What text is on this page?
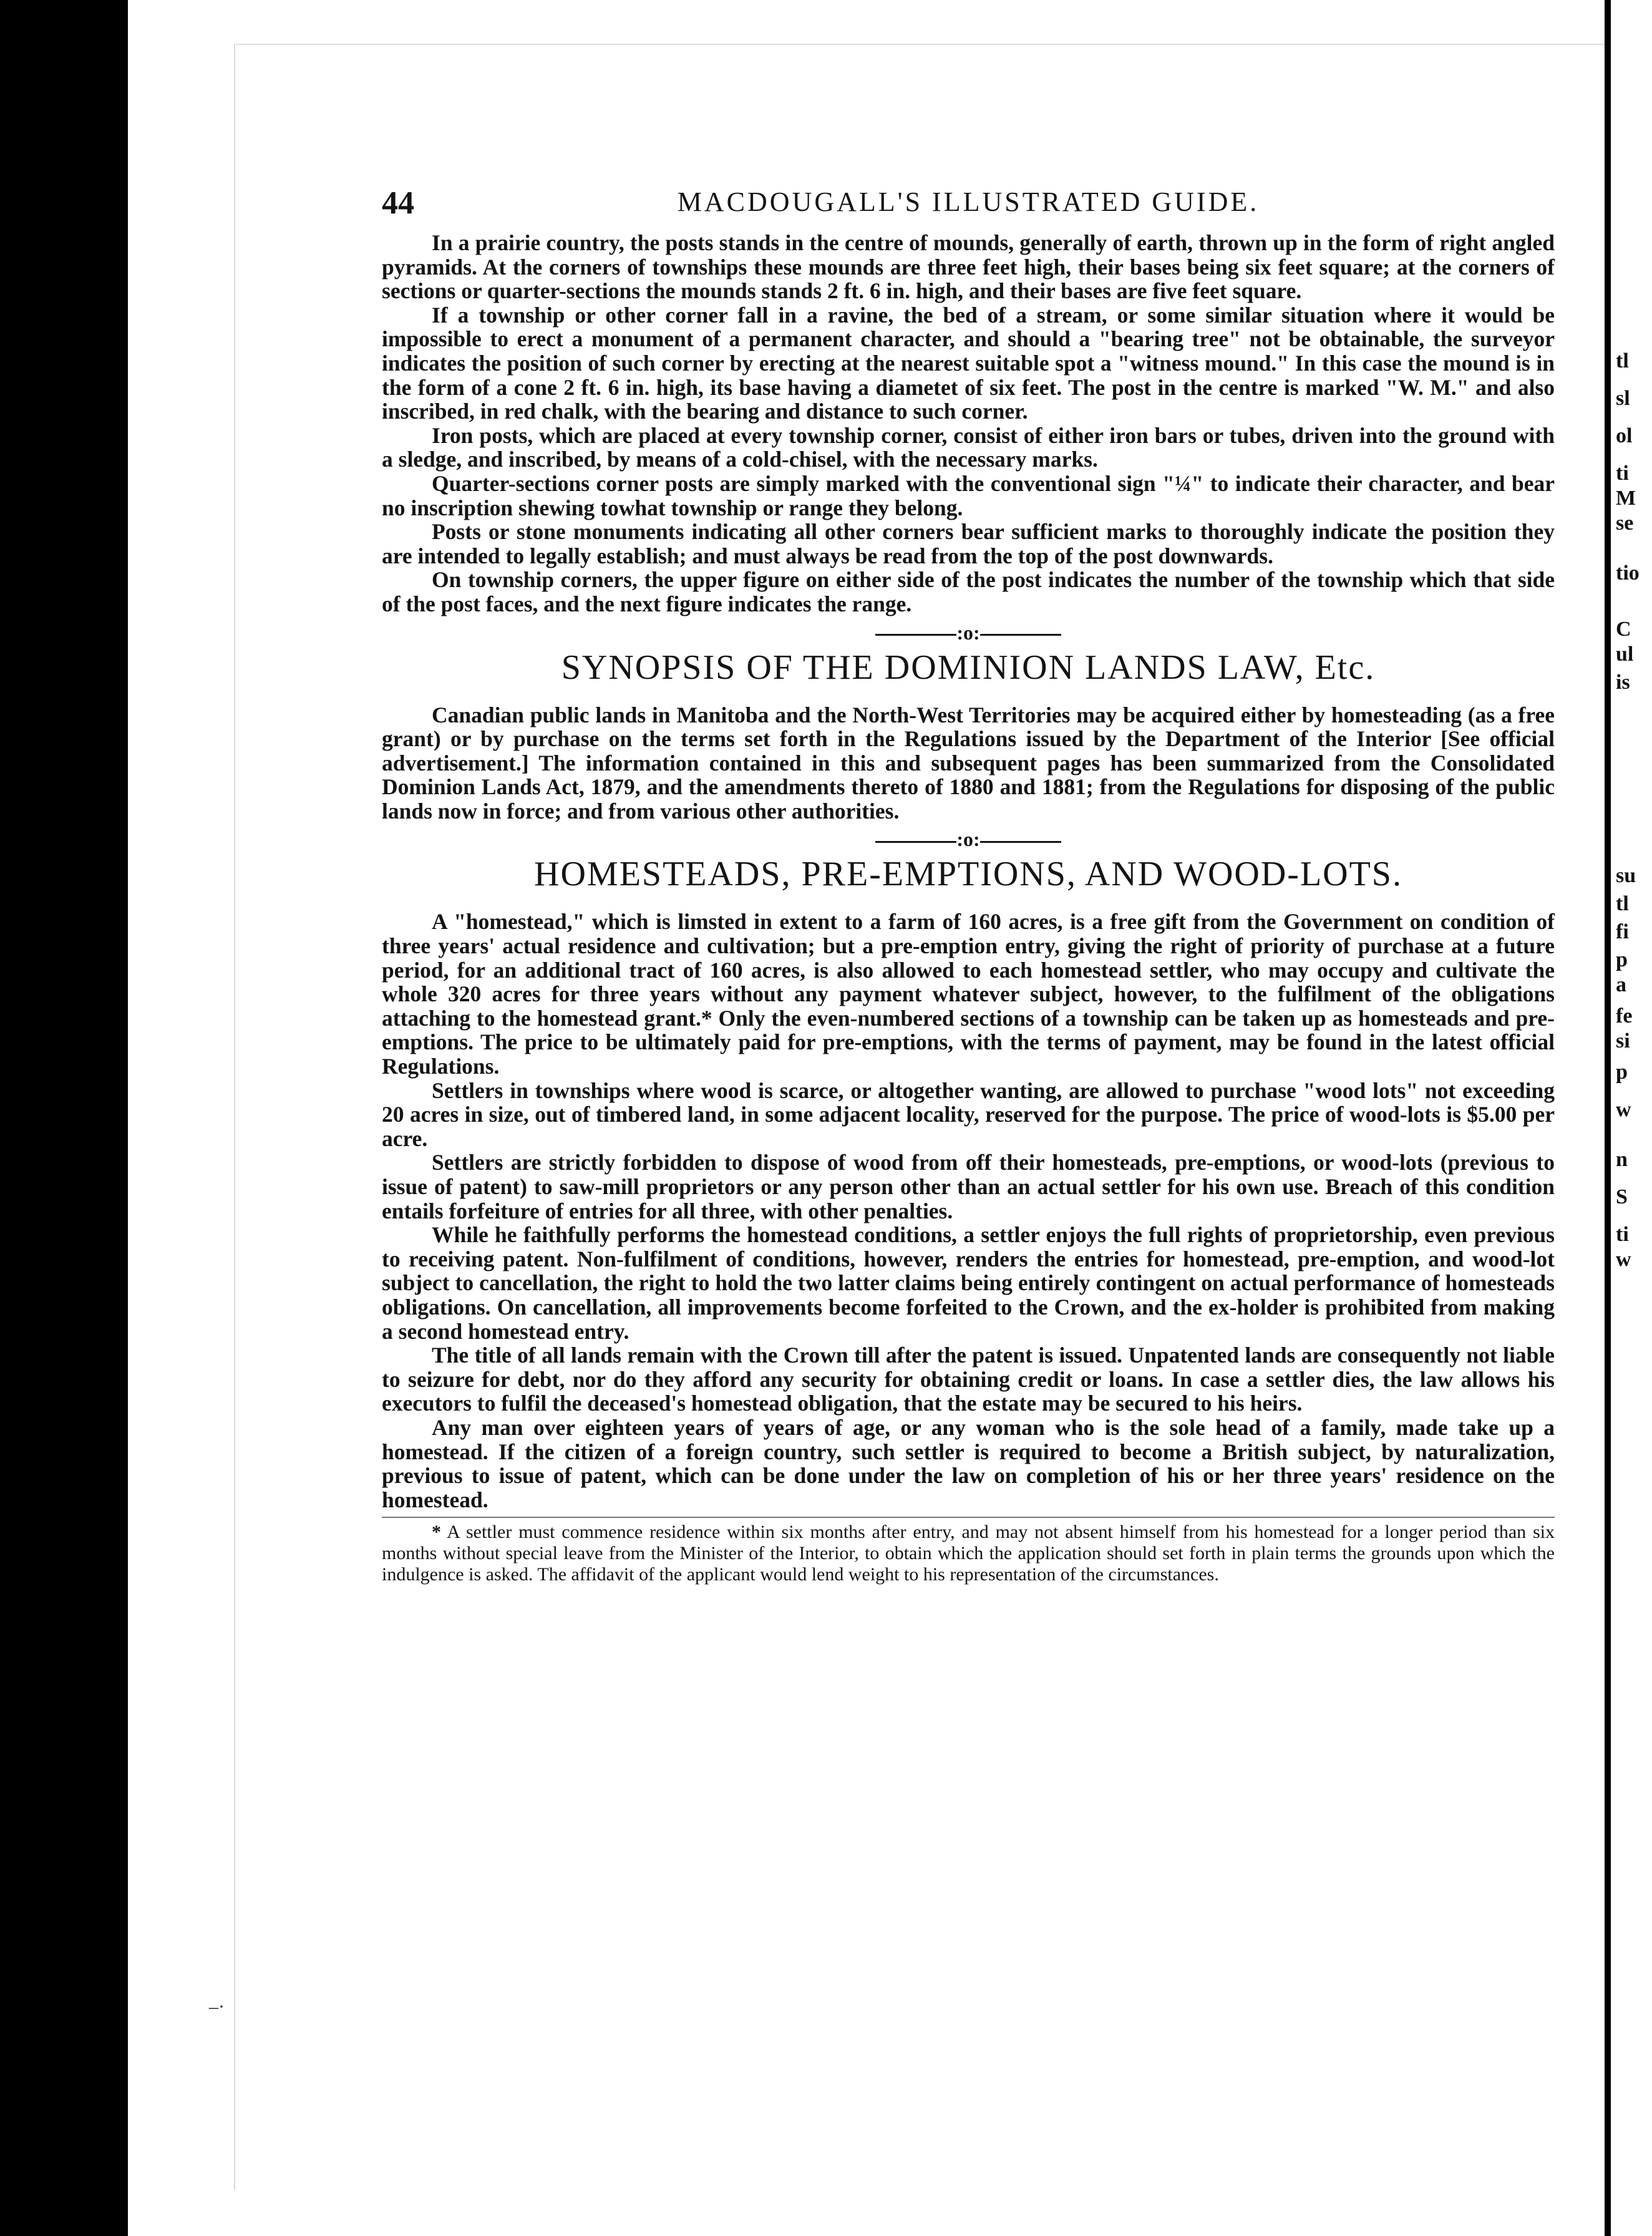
tl
sl
ol
ti
M
se
tio
C
ul
is
su
tl
fi
p
a
fe
si
p
w
n
S
ti
w
–·
44	MACDOUGALL'S ILLUSTRATED GUIDE.

In a prairie country, the posts stands in the centre of mounds, generally of earth, thrown up in the form of right angled pyramids. At the corners of townships these mounds are three feet high, their bases being six feet square; at the corners of sections or quarter-sections the mounds stands 2 ft. 6 in. high, and their bases are five feet square.

If a township or other corner fall in a ravine, the bed of a stream, or some similar situation where it would be impossible to erect a monument of a permanent character, and should a "bearing tree" not be obtainable, the surveyor indicates the position of such corner by erecting at the nearest suitable spot a "witness mound." In this case the mound is in the form of a cone 2 ft. 6 in. high, its base having a diametet of six feet. The post in the centre is marked "W. M." and also inscribed, in red chalk, with the bearing and distance to such corner.

Iron posts, which are placed at every township corner, consist of either iron bars or tubes, driven into the ground with a sledge, and inscribed, by means of a cold-chisel, with the necessary marks.

Quarter-sections corner posts are simply marked with the conventional sign "¼" to indicate their character, and bear no inscription shewing towhat township or range they belong.

Posts or stone monuments indicating all other corners bear sufficient marks to thoroughly indicate the position they are intended to legally establish; and must always be read from the top of the post downwards.

On township corners, the upper figure on either side of the post indicates the number of the township which that side of the post faces, and the next figure indicates the range.

:o:
SYNOPSIS OF THE DOMINION LANDS LAW, Etc.

Canadian public lands in Manitoba and the North-West Territories may be acquired either by homesteading (as a free grant) or by purchase on the terms set forth in the Regulations issued by the Department of the Interior [See official advertisement.] The information contained in this and subsequent pages has been summarized from the Consolidated Dominion Lands Act, 1879, and the amendments thereto of 1880 and 1881; from the Regulations for disposing of the public lands now in force; and from various other authorities.

:o:
HOMESTEADS, PRE-EMPTIONS, AND WOOD-LOTS.

A "homestead," which is limsted in extent to a farm of 160 acres, is a free gift from the Government on condition of three years' actual residence and cultivation; but a pre-emption entry, giving the right of priority of purchase at a future period, for an additional tract of 160 acres, is also allowed to each homestead settler, who may occupy and cultivate the whole 320 acres for three years without any payment whatever subject, however, to the fulfilment of the obligations attaching to the homestead grant.* Only the even-numbered sections of a township can be taken up as homesteads and pre-emptions. The price to be ultimately paid for pre-emptions, with the terms of payment, may be found in the latest official Regulations.

Settlers in townships where wood is scarce, or altogether wanting, are allowed to purchase "wood lots" not exceeding 20 acres in size, out of timbered land, in some adjacent locality, reserved for the purpose. The price of wood-lots is $5.00 per acre.

Settlers are strictly forbidden to dispose of wood from off their homesteads, pre-emptions, or wood-lots (previous to issue of patent) to saw-mill proprietors or any person other than an actual settler for his own use. Breach of this condition entails forfeiture of entries for all three, with other penalties.

While he faithfully performs the homestead conditions, a settler enjoys the full rights of proprietorship, even previous to receiving patent. Non-fulfilment of conditions, however, renders the entries for homestead, pre-emption, and wood-lot subject to cancellation, the right to hold the two latter claims being entirely contingent on actual performance of homesteads obligations. On cancellation, all improvements become forfeited to the Crown, and the ex-holder is prohibited from making a second homestead entry.

The title of all lands remain with the Crown till after the patent is issued. Unpatented lands are consequently not liable to seizure for debt, nor do they afford any security for obtaining credit or loans. In case a settler dies, the law allows his executors to fulfil the deceased's homestead obligation, that the estate may be secured to his heirs.

Any man over eighteen years of years of age, or any woman who is the sole head of a family, made take up a homestead. If the citizen of a foreign country, such settler is required to become a British subject, by naturalization, previous to issue of patent, which can be done under the law on completion of his or her three years' residence on the homestead.

* A settler must commence residence within six months after entry, and may not absent himself from his homestead for a longer period than six months without special leave from the Minister of the Interior, to obtain which the application should set forth in plain terms the grounds upon which the indulgence is asked. The affidavit of the applicant would lend weight to his representation of the circumstances.
